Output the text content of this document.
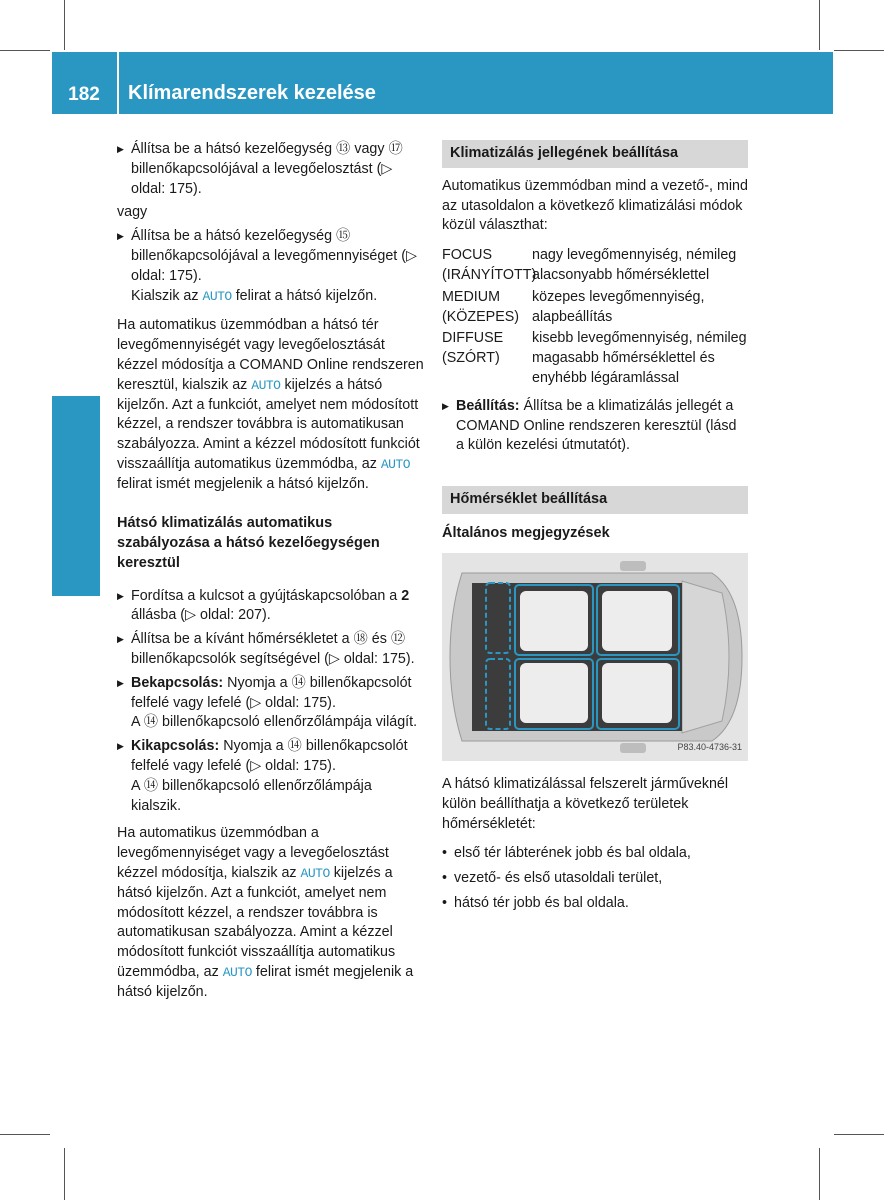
182	Klímarendszerek kezelése
Klimatizálás
▶ Állítsa be a hátsó kezelőegység ⑬ vagy ⑰ billenőkapcsolójával a levegőelosztást (▷ oldal: 175).
vagy
▶ Állítsa be a hátsó kezelőegység ⑮ billenőkapcsolójával a levegőmennyiséget (▷ oldal: 175).
Kialszik az AUTO felirat a hátsó kijelzőn.
Ha automatikus üzemmódban a hátsó tér levegőmennyiségét vagy levegőelosztását kézzel módosítja a COMAND Online rendszeren keresztül, kialszik az AUTO kijelzés a hátsó kijelzőn. Azt a funkciót, amelyet nem módosított kézzel, a rendszer továbbra is automatikusan szabályozza. Amint a kézzel módosított funkciót visszaállítja automatikus üzemmódba, az AUTO felirat ismét megjelenik a hátsó kijelzőn.
Hátsó klimatizálás automatikus szabályozása a hátsó kezelőegységen keresztül
▶ Fordítsa a kulcsot a gyújtáskapcsolóban a 2 állásba (▷ oldal: 207).
▶ Állítsa be a kívánt hőmérsékletet a ⑱ és ⑫ billenőkapcsolók segítségével (▷ oldal: 175).
▶ Bekapcsolás: Nyomja a ⑭ billenőkapcsolót felfelé vagy lefelé (▷ oldal: 175).
A ⑭ billenőkapcsoló ellenőrzőlámpája világít.
▶ Kikapcsolás: Nyomja a ⑭ billenőkapcsolót felfelé vagy lefelé (▷ oldal: 175).
A ⑭ billenőkapcsoló ellenőrzőlámpája kialszik.
Ha automatikus üzemmódban a levegőmennyiséget vagy a levegőelosztást kézzel módosítja, kialszik az AUTO kijelzés a hátsó kijelzőn. Azt a funkciót, amelyet nem módosított kézzel, a rendszer továbbra is automatikusan szabályozza. Amint a kézzel módosított funkciót visszaállítja automatikus üzemmódba, az AUTO felirat ismét megjelenik a hátsó kijelzőn.
Klimatizálás jellegének beállítása
Automatikus üzemmódban mind a vezető-, mind az utasoldalon a következő klimatizálási módok közül választhat:
FOCUS (IRÁNYÍTOTT)
nagy levegőmennyiség, némileg alacsonyabb hőmérséklettel
MEDIUM (KÖZEPES)
közepes levegőmennyiség, alapbeállítás
DIFFUSE (SZÓRT)
kisebb levegőmennyiség, némileg magasabb hőmérséklettel és enyhébb légáramlással
▶ Beállítás: Állítsa be a klimatizálás jellegét a COMAND Online rendszeren keresztül (lásd a külön kezelési útmutatót).
Hőmérséklet beállítása
Általános megjegyzések
P83.40-4736-31
A hátsó klimatizálással felszerelt járműveknél külön beállíthatja a következő területek hőmérsékletét:
• első tér lábterének jobb és bal oldala,
• vezető- és első utasoldali terület,
• hátsó tér jobb és bal oldala.
